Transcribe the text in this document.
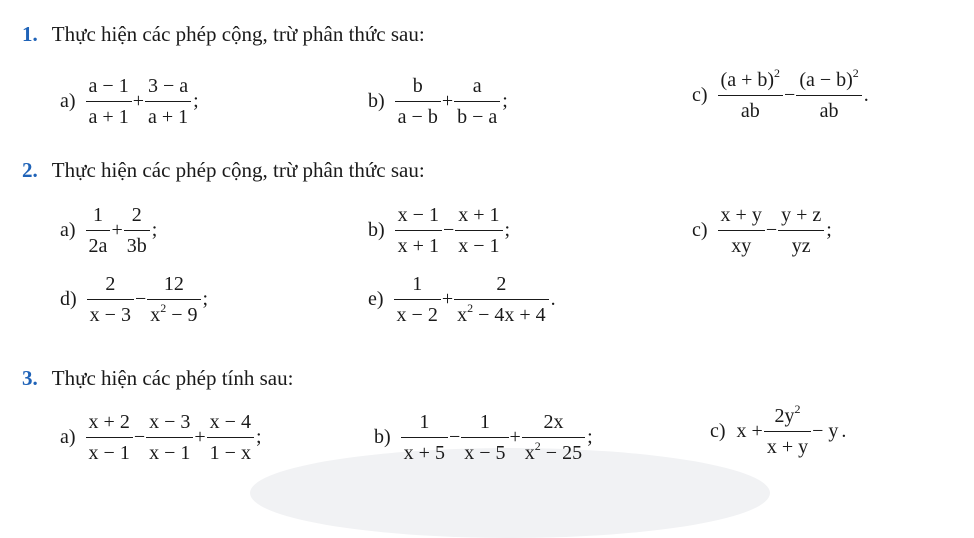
1. Thực hiện các phép cộng, trừ phân thức sau:
$a) \frac{a - 1}{a + 1} + \frac{3 - a}{a + 1}$ ;	$b) \frac{b}{a - b} + \frac{a}{b - a}$ ;	$c) \frac{(a + b)^2}{ab} - \frac{(a - b)^2}{ab}$ .
2. Thực hiện các phép cộng, trừ phân thức sau:
$a) \frac{1}{2a} + \frac{2}{3b}$ ;	$b) \frac{x - 1}{x + 1} - \frac{x + 1}{x - 1}$ ;	$c) \frac{x + y}{xy} - \frac{y + z}{yz}$ ;
$d) \frac{2}{x - 3} - \frac{12}{x^2 - 9}$ ;	$e) \frac{1}{x - 2} + \frac{2}{x^2 - 4x + 4}$ .
3. Thực hiện các phép tính sau:
$a) \frac{x + 2}{x - 1} - \frac{x - 3}{x - 1} + \frac{x - 4}{1 - x}$ ;	$b) \frac{1}{x + 5} - \frac{1}{x - 5} + \frac{2x}{x^2 - 25}$ ;	c) $x + \frac{2y^2}{x + y} - y$ .
